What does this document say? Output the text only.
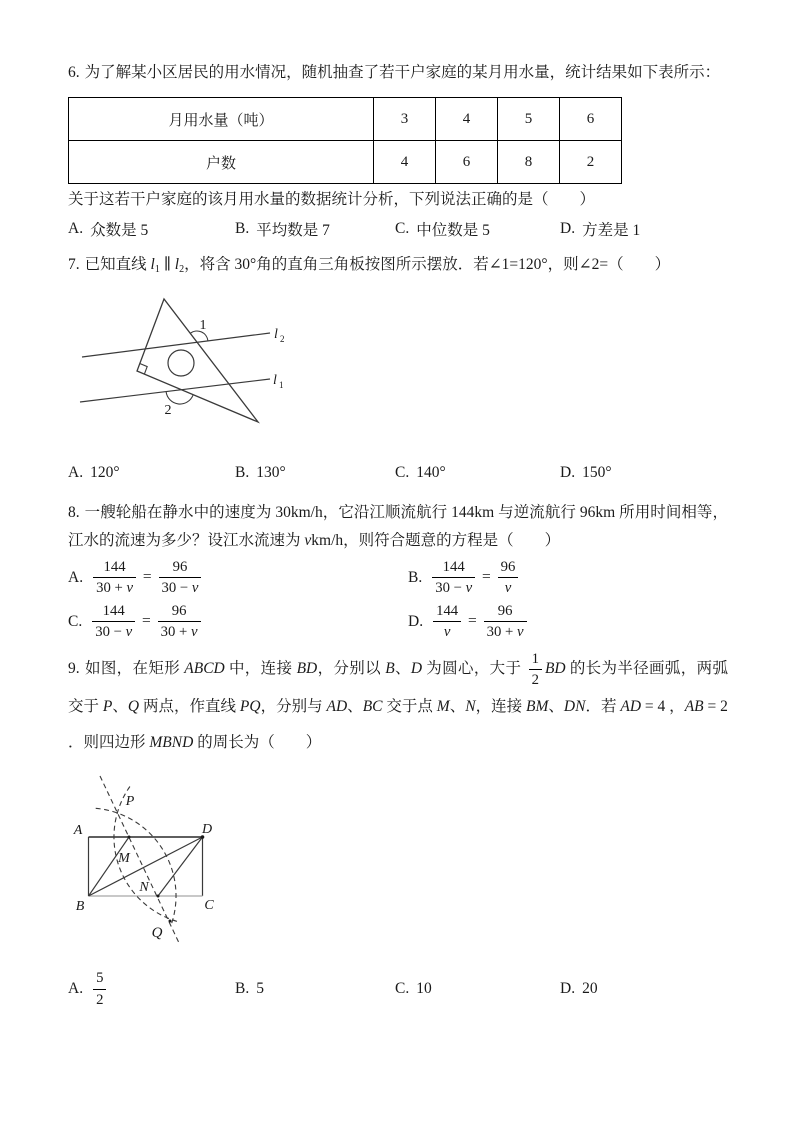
6. 为了解某小区居民的用水情况，随机抽查了若干户家庭的某月用水量，统计结果如下表所示：

月用水量（吨）	3	4	5	6
户数	4	6	8	2

关于这若干户家庭的该月用水量的数据统计分析，下列说法正确的是（　　）

A. 众数是 5	B. 平均数是 7	C. 中位数是 5	D. 方差是 1

7. 已知直线 $l_1$ ∥ $l_2$，将含 30°角的直角三角板按图所示摆放．若∠1=120°，则∠2=（　　）

1
2
l 2
l 1
A. 120°	B. 130°	C. 140°	D. 150°

8. 一艘轮船在静水中的速度为 30km/h，它沿江顺流航行 144km 与逆流航行 96km 所用时间相等，江水的流速为多少？设江水流速为 vkm/h，则符合题意的方程是（　　）

A. $\frac{144}{30 + v} = \frac{96}{30 - v}$	B. $\frac{144}{30 - v} = \frac{96}{v}$
C. $\frac{144}{30 - v} = \frac{96}{30 + v}$	D. $\frac{144}{v} = \frac{96}{30 + v}$

9. 如图，在矩形 ABCD 中，连接 BD，分别以 B、D 为圆心，大于 $\frac{1}{2}$ BD 的长为半径画弧，两弧交于 P、Q 两点，作直线 PQ，分别与 AD、BC 交于点 M、N，连接 BM、DN．若 AD = 4 ，AB = 2 ．则四边形 MBND 的周长为（　　）

A	D
B	C
P
M
N
Q
A. $\frac{5}{2}$	B. 5	C. 10	D. 20
